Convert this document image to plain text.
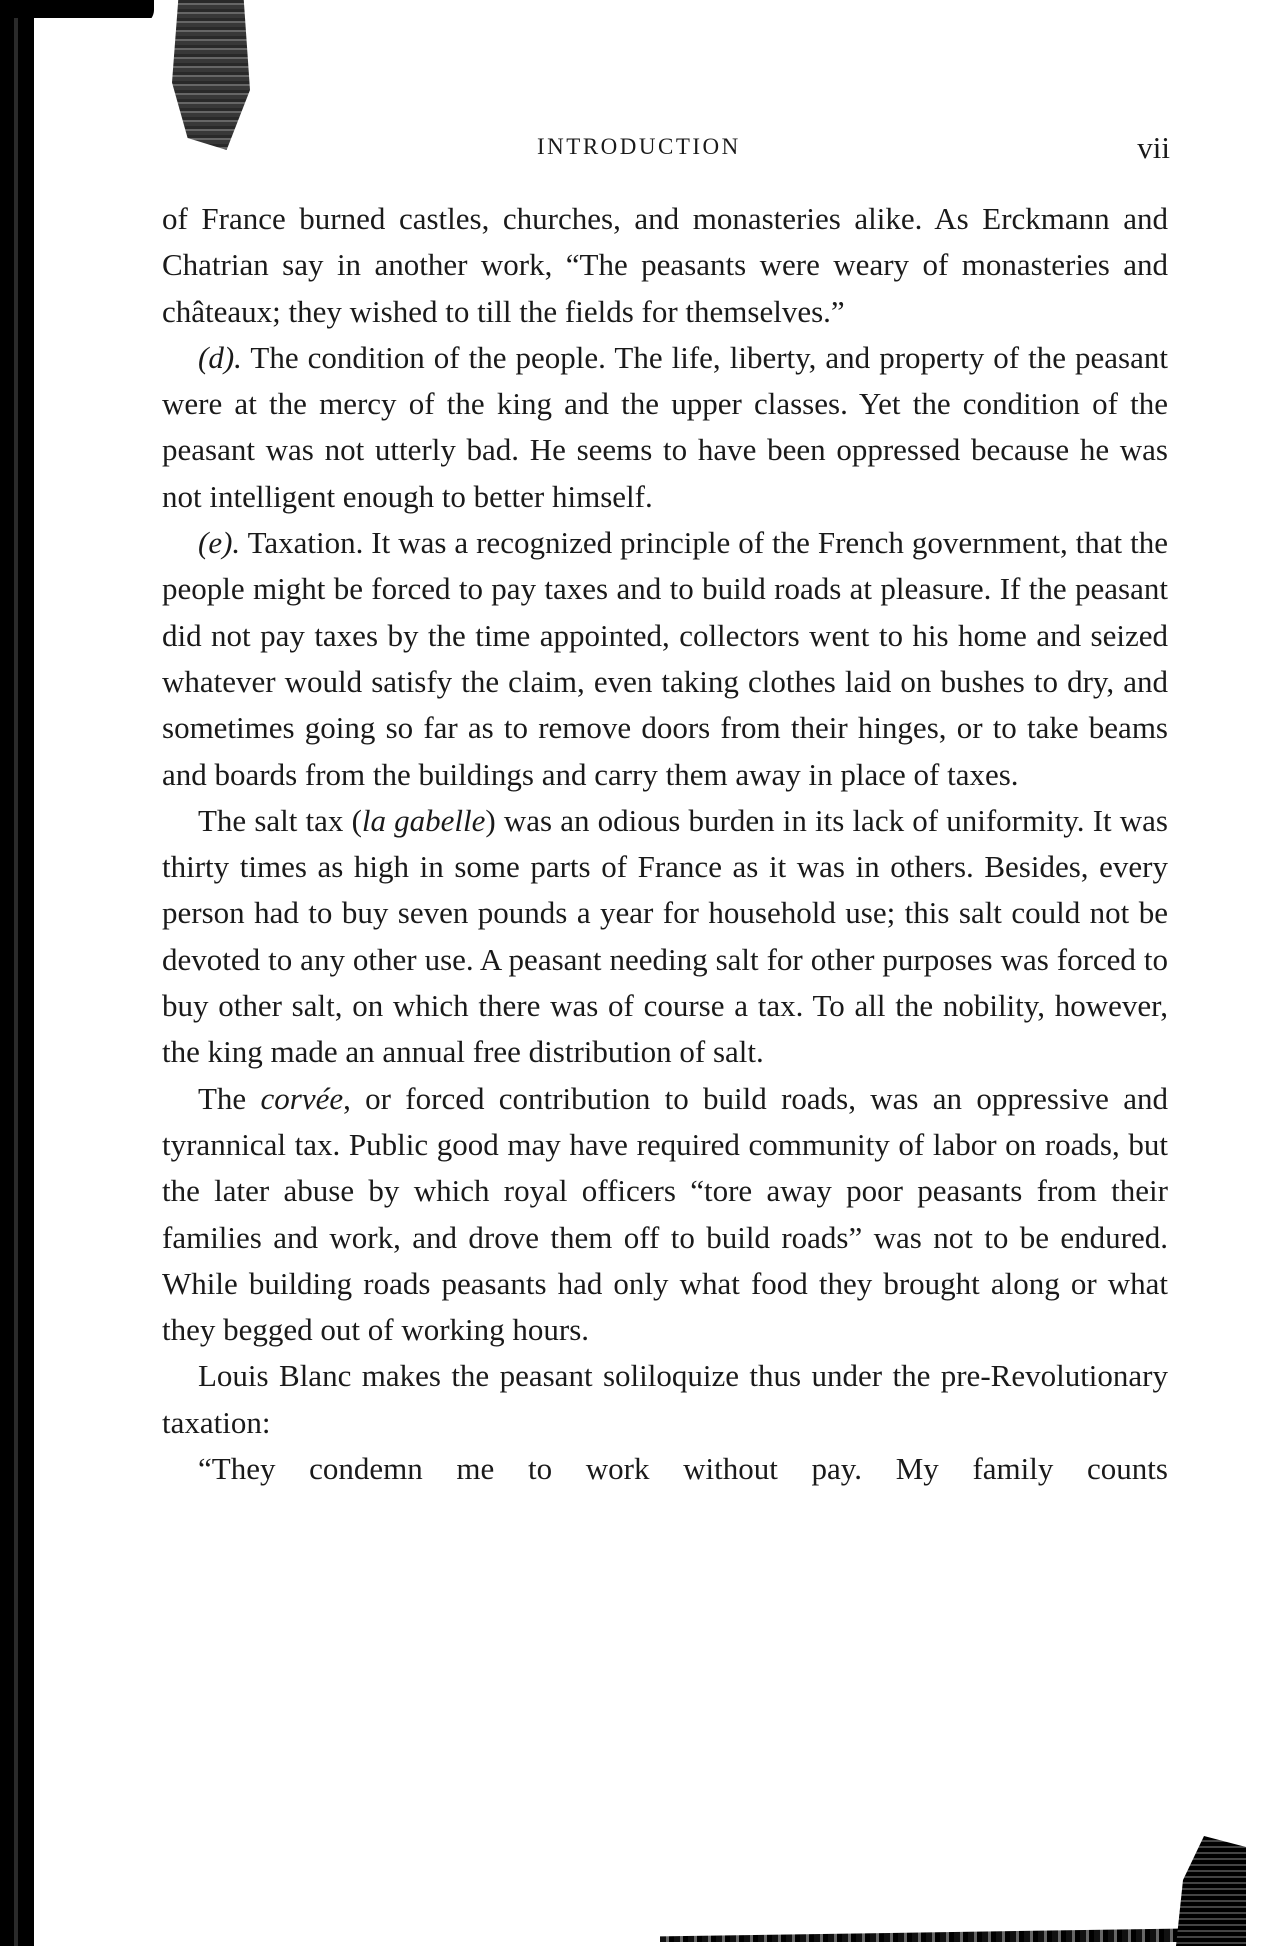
INTRODUCTION	vii

of France burned castles, churches, and monasteries alike. As Erckmann and Chatrian say in another work, “The peasants were weary of monasteries and châteaux; they wished to till the fields for themselves.”

(d). The condition of the people. The life, liberty, and property of the peasant were at the mercy of the king and the upper classes. Yet the condition of the peasant was not utterly bad. He seems to have been oppressed because he was not intelligent enough to better himself.

(e). Taxation. It was a recognized principle of the French government, that the people might be forced to pay taxes and to build roads at pleasure. If the peasant did not pay taxes by the time appointed, collectors went to his home and seized whatever would satisfy the claim, even taking clothes laid on bushes to dry, and sometimes going so far as to remove doors from their hinges, or to take beams and boards from the buildings and carry them away in place of taxes.

The salt tax (la gabelle) was an odious burden in its lack of uniformity. It was thirty times as high in some parts of France as it was in others. Besides, every person had to buy seven pounds a year for household use; this salt could not be devoted to any other use. A peasant needing salt for other purposes was forced to buy other salt, on which there was of course a tax. To all the nobility, however, the king made an annual free distribution of salt.

The corvée, or forced contribution to build roads, was an oppressive and tyrannical tax. Public good may have required community of labor on roads, but the later abuse by which royal officers “tore away poor peasants from their families and work, and drove them off to build roads” was not to be endured. While building roads peasants had only what food they brought along or what they begged out of working hours.

Louis Blanc makes the peasant soliloquize thus under the pre-Revolutionary taxation:

“They condemn me to work without pay. My family counts
